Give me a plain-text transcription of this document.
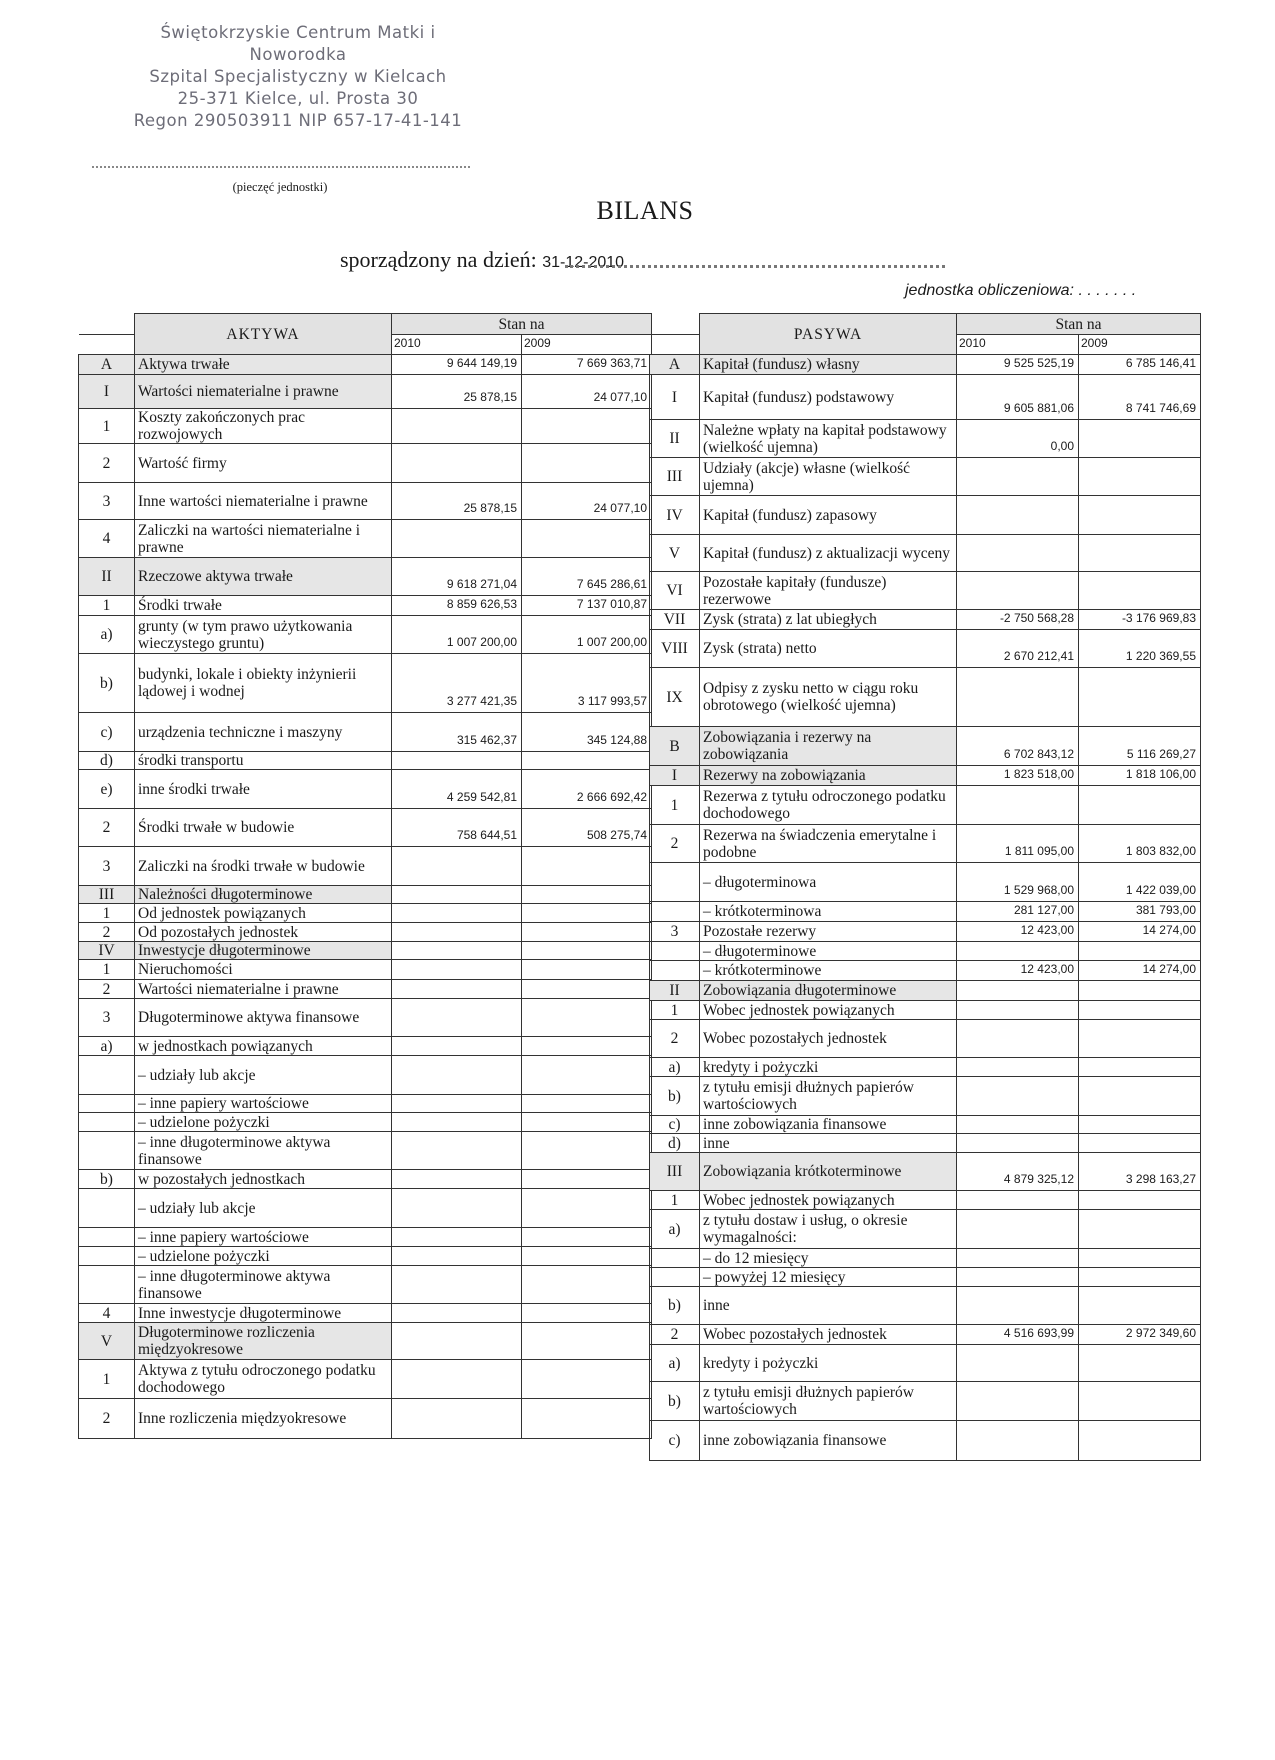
Świętokrzyskie Centrum Matki i Noworodka
Szpital Specjalistyczny w Kielcach
25-371 Kielce, ul. Prosta 30
Regon 290503911 NIP 657-17-41-141
(pieczęć jednostki)
BILANS
sporządzony na dzień: 31-12-2010
jednostka obliczeniowa: . . . . . . .
	AKTYWA	Stan na	
		2010	2009
A	Aktywa trwałe	9 644 149,19	7 669 363,71
I	Wartości niematerialne i prawne	25 878,15	24 077,10
1	Koszty zakończonych prac rozwojowych		
2	Wartość firmy		
3	Inne wartości niematerialne i prawne	25 878,15	24 077,10
4	Zaliczki na wartości niematerialne i prawne		
II	Rzeczowe aktywa trwałe	9 618 271,04	7 645 286,61
1	Środki trwałe	8 859 626,53	7 137 010,87
a)	grunty (w tym prawo użytkowania wieczystego gruntu)	1 007 200,00	1 007 200,00
b)	budynki, lokale i obiekty inżynierii lądowej i wodnej	3 277 421,35	3 117 993,57
c)	urządzenia techniczne i maszyny	315 462,37	345 124,88
d)	środki transportu		
e)	inne środki trwałe	4 259 542,81	2 666 692,42
2	Środki trwałe w budowie	758 644,51	508 275,74
3	Zaliczki na środki trwałe w budowie		
III	Należności długoterminowe		
1	Od jednostek powiązanych		
2	Od pozostałych jednostek		
IV	Inwestycje długoterminowe		
1	Nieruchomości		
2	Wartości niematerialne i prawne		
3	Długoterminowe aktywa finansowe		
a)	w jednostkach powiązanych		
	– udziały lub akcje		
	– inne papiery wartościowe		
	– udzielone pożyczki		
	– inne długoterminowe aktywa finansowe		
b)	w pozostałych jednostkach		
	– udziały lub akcje		
	– inne papiery wartościowe		
	– udzielone pożyczki		
	– inne długoterminowe aktywa finansowe		
4	Inne inwestycje długoterminowe		
V	Długoterminowe rozliczenia międzyokresowe		
1	Aktywa z tytułu odroczonego podatku dochodowego		
2	Inne rozliczenia międzyokresowe		
	PASYWA	Stan na	
		2010	2009
A	Kapitał (fundusz) własny	9 525 525,19	6 785 146,41
I	Kapitał (fundusz) podstawowy	9 605 881,06	8 741 746,69
II	Należne wpłaty na kapitał podstawowy (wielkość ujemna)	0,00	
III	Udziały (akcje) własne (wielkość ujemna)		
IV	Kapitał (fundusz) zapasowy		
V	Kapitał (fundusz) z aktualizacji wyceny		
VI	Pozostałe kapitały (fundusze) rezerwowe		
VII	Zysk (strata) z lat ubiegłych	-2 750 568,28	-3 176 969,83
VIII	Zysk (strata) netto	2 670 212,41	1 220 369,55
IX	Odpisy z zysku netto w ciągu roku obrotowego (wielkość ujemna)		
B	Zobowiązania i rezerwy na zobowiązania	6 702 843,12	5 116 269,27
I	Rezerwy na zobowiązania	1 823 518,00	1 818 106,00
1	Rezerwa z tytułu odroczonego podatku dochodowego		
2	Rezerwa na świadczenia emerytalne i podobne	1 811 095,00	1 803 832,00
	– długoterminowa	1 529 968,00	1 422 039,00
	– krótkoterminowa	281 127,00	381 793,00
3	Pozostałe rezerwy	12 423,00	14 274,00
	– długoterminowe		
	– krótkoterminowe	12 423,00	14 274,00
II	Zobowiązania długoterminowe		
1	Wobec jednostek powiązanych		
2	Wobec pozostałych jednostek		
a)	kredyty i pożyczki		
b)	z tytułu emisji dłużnych papierów wartościowych		
c)	inne zobowiązania finansowe		
d)	inne		
III	Zobowiązania krótkoterminowe	4 879 325,12	3 298 163,27
1	Wobec jednostek powiązanych		
a)	z tytułu dostaw i usług, o okresie wymagalności:		
	– do 12 miesięcy		
	– powyżej 12 miesięcy		
b)	inne		
2	Wobec pozostałych jednostek	4 516 693,99	2 972 349,60
a)	kredyty i pożyczki		
b)	z tytułu emisji dłużnych papierów wartościowych		
c)	inne zobowiązania finansowe		
